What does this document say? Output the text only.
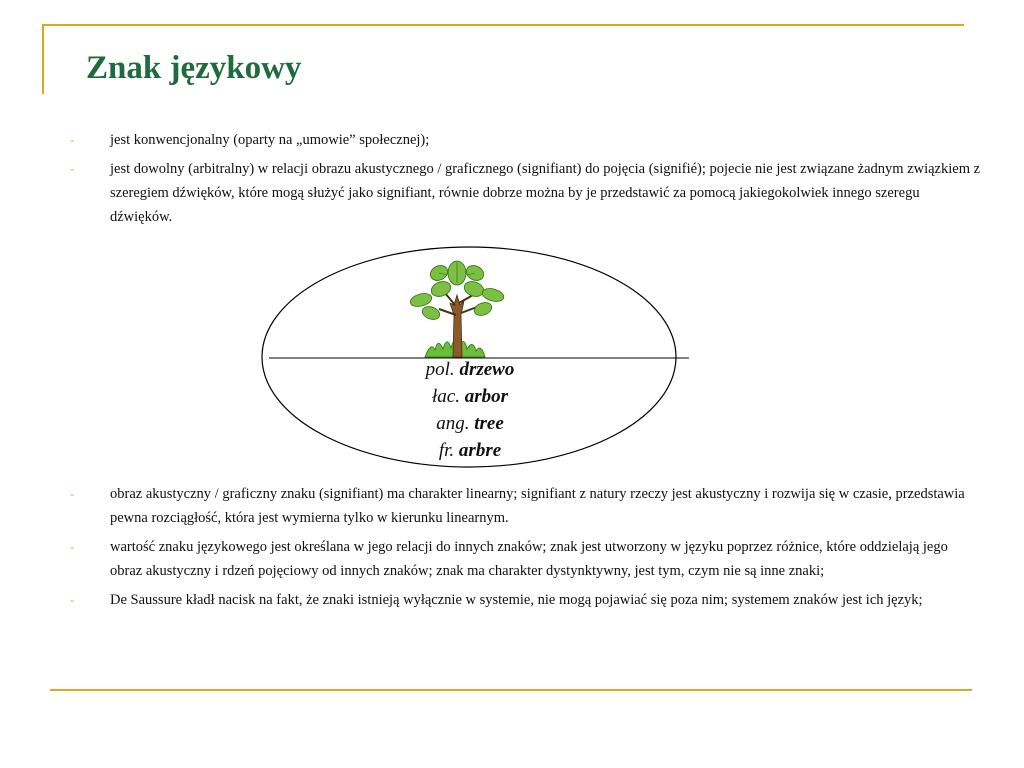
Znak językowy
- jest konwencjonalny (oparty na „umowie” społecznej);
- jest dowolny (arbitralny) w relacji obrazu akustycznego / graficznego (signifiant) do pojęcia (signifié); pojecie nie jest związane żadnym związkiem z szeregiem dźwięków, które mogą służyć jako signifiant, równie dobrze można by je przedstawić za pomocą jakiegokolwiek innego szeregu dźwięków.
pol. drzewo
łac. arbor
ang. tree
fr. arbre
- obraz akustyczny / graficzny znaku (signifiant) ma charakter linearny; signifiant z natury rzeczy jest akustyczny i rozwija się w czasie, przedstawia pewna rozciągłość, która jest wymierna tylko w kierunku linearnym.
- wartość znaku językowego jest określana w jego relacji do innych znaków; znak jest utworzony w języku poprzez różnice, które oddzielają jego obraz akustyczny i rdzeń pojęciowy od innych znaków; znak ma charakter dystynktywny, jest tym, czym nie są inne znaki;
- De Saussure kładł nacisk na fakt, że znaki istnieją wyłącznie w systemie, nie mogą pojawiać się poza nim; systemem znaków jest ich język;
